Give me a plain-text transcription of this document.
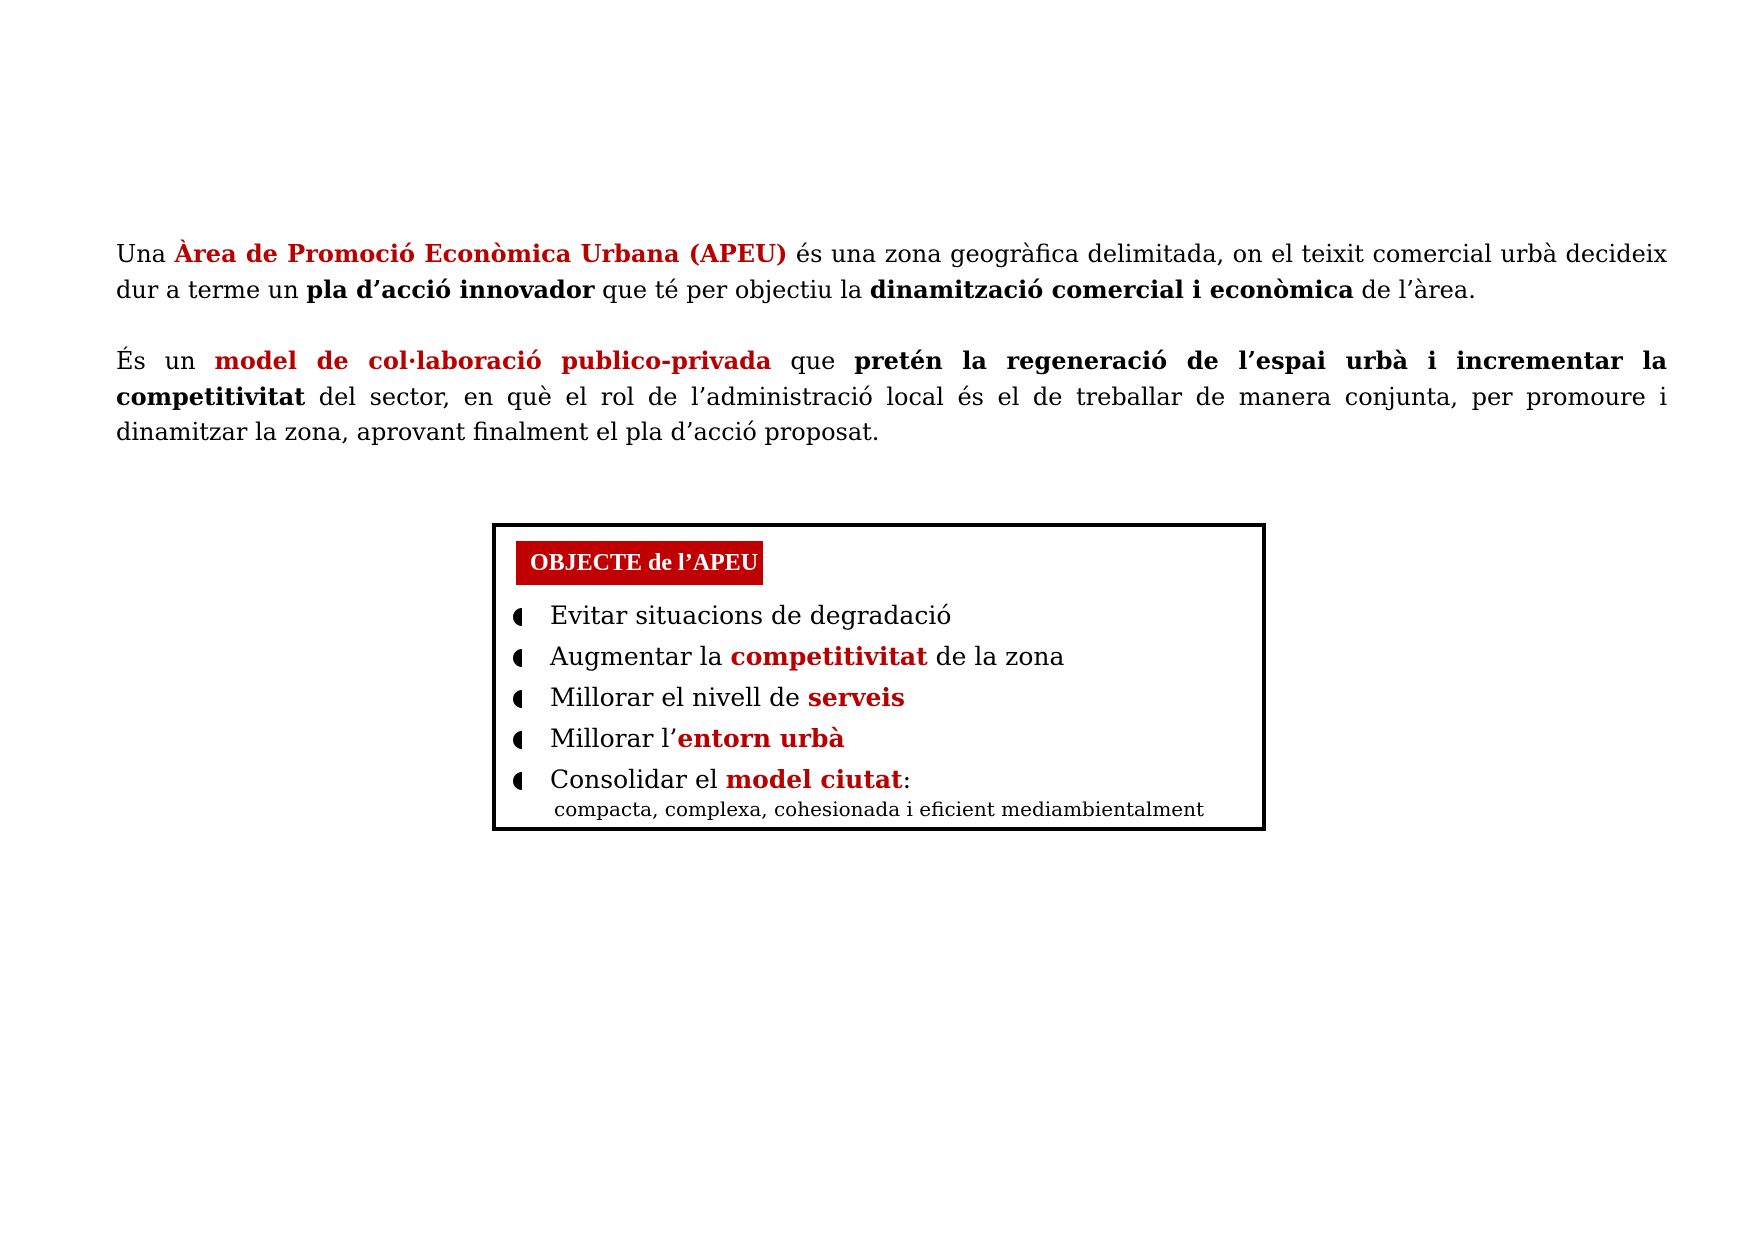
Una Àrea de Promoció Econòmica Urbana (APEU) és una zona geogràfica delimitada, on el teixit comercial urbà decideix dur a terme un pla d’acció innovador que té per objectiu la dinamització comercial i econòmica de l’àrea.

És un model de col·laboració publico-privada que pretén la regeneració de l’espai urbà i incrementar la competitivitat del sector, en què el rol de l’administració local és el de treballar de manera conjunta, per promoure i dinamitzar la zona, aprovant finalment el pla d’acció proposat.

OBJECTE de l’APEU
Evitar situacions de degradació
Augmentar la competitivitat de la zona
Millorar el nivell de serveis
Millorar l’entorn urbà
Consolidar el model ciutat:
compacta, complexa, cohesionada i eficient mediambientalment
